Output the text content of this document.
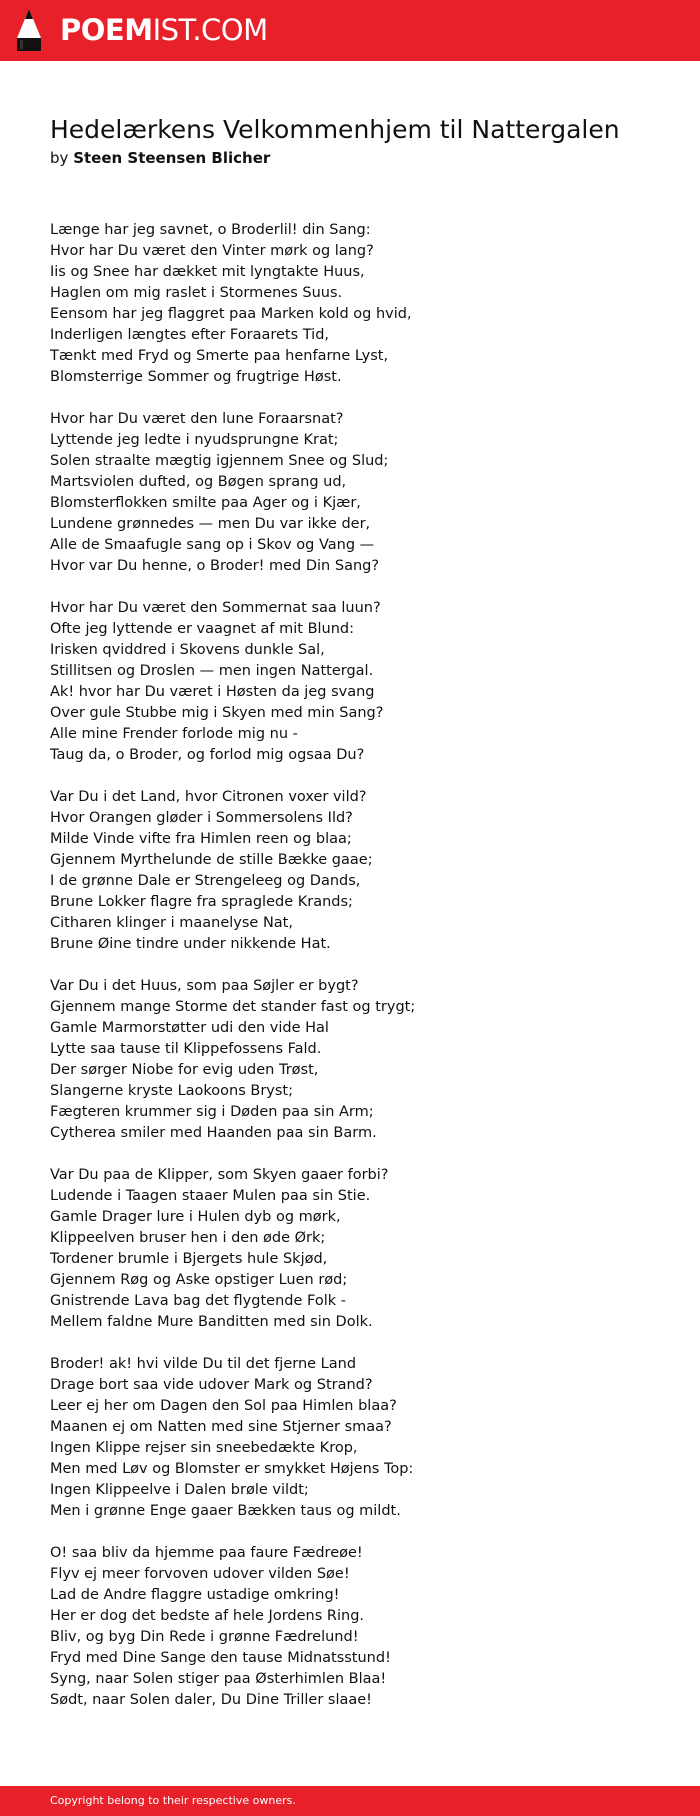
POEMIST.COM
Hedelærkens Velkommenhjem til Nattergalen
by Steen Steensen Blicher
Længe har jeg savnet, o Broderlil! din Sang:
Hvor har Du været den Vinter mørk og lang?
Iis og Snee har dækket mit lyngtakte Huus,
Haglen om mig raslet i Stormenes Suus.
Eensom har jeg flaggret paa Marken kold og hvid,
Inderligen længtes efter Foraarets Tid,
Tænkt med Fryd og Smerte paa henfarne Lyst,
Blomsterrige Sommer og frugtrige Høst.
Hvor har Du været den lune Foraarsnat?
Lyttende jeg ledte i nyudsprungne Krat;
Solen straalte mægtig igjennem Snee og Slud;
Martsviolen dufted, og Bøgen sprang ud,
Blomsterflokken smilte paa Ager og i Kjær,
Lundene grønnedes — men Du var ikke der,
Alle de Smaafugle sang op i Skov og Vang —
Hvor var Du henne, o Broder! med Din Sang?
Hvor har Du været den Sommernat saa luun?
Ofte jeg lyttende er vaagnet af mit Blund:
Irisken qviddred i Skovens dunkle Sal,
Stillitsen og Droslen — men ingen Nattergal.
Ak! hvor har Du været i Høsten da jeg svang
Over gule Stubbe mig i Skyen med min Sang?
Alle mine Frender forlode mig nu -
Taug da, o Broder, og forlod mig ogsaa Du?
Var Du i det Land, hvor Citronen voxer vild?
Hvor Orangen gløder i Sommersolens Ild?
Milde Vinde vifte fra Himlen reen og blaa;
Gjennem Myrthelunde de stille Bække gaae;
I de grønne Dale er Strengeleeg og Dands,
Brune Lokker flagre fra spraglede Krands;
Citharen klinger i maanelyse Nat,
Brune Øine tindre under nikkende Hat.
Var Du i det Huus, som paa Søjler er bygt?
Gjennem mange Storme det stander fast og trygt;
Gamle Marmorstøtter udi den vide Hal
Lytte saa tause til Klippefossens Fald.
Der sørger Niobe for evig uden Trøst,
Slangerne kryste Laokoons Bryst;
Fægteren krummer sig i Døden paa sin Arm;
Cytherea smiler med Haanden paa sin Barm.
Var Du paa de Klipper, som Skyen gaaer forbi?
Ludende i Taagen staaer Mulen paa sin Stie.
Gamle Drager lure i Hulen dyb og mørk,
Klippeelven bruser hen i den øde Ørk;
Tordener brumle i Bjergets hule Skjød,
Gjennem Røg og Aske opstiger Luen rød;
Gnistrende Lava bag det flygtende Folk -
Mellem faldne Mure Banditten med sin Dolk.
Broder! ak! hvi vilde Du til det fjerne Land
Drage bort saa vide udover Mark og Strand?
Leer ej her om Dagen den Sol paa Himlen blaa?
Maanen ej om Natten med sine Stjerner smaa?
Ingen Klippe rejser sin sneebedækte Krop,
Men med Løv og Blomster er smykket Højens Top:
Ingen Klippeelve i Dalen brøle vildt;
Men i grønne Enge gaaer Bækken taus og mildt.
O! saa bliv da hjemme paa faure Fædreøe!
Flyv ej meer forvoven udover vilden Søe!
Lad de Andre flaggre ustadige omkring!
Her er dog det bedste af hele Jordens Ring.
Bliv, og byg Din Rede i grønne Fædrelund!
Fryd med Dine Sange den tause Midnatsstund!
Syng, naar Solen stiger paa Østerhimlen Blaa!
Sødt, naar Solen daler, Du Dine Triller slaae!
Copyright belong to their respective owners.
